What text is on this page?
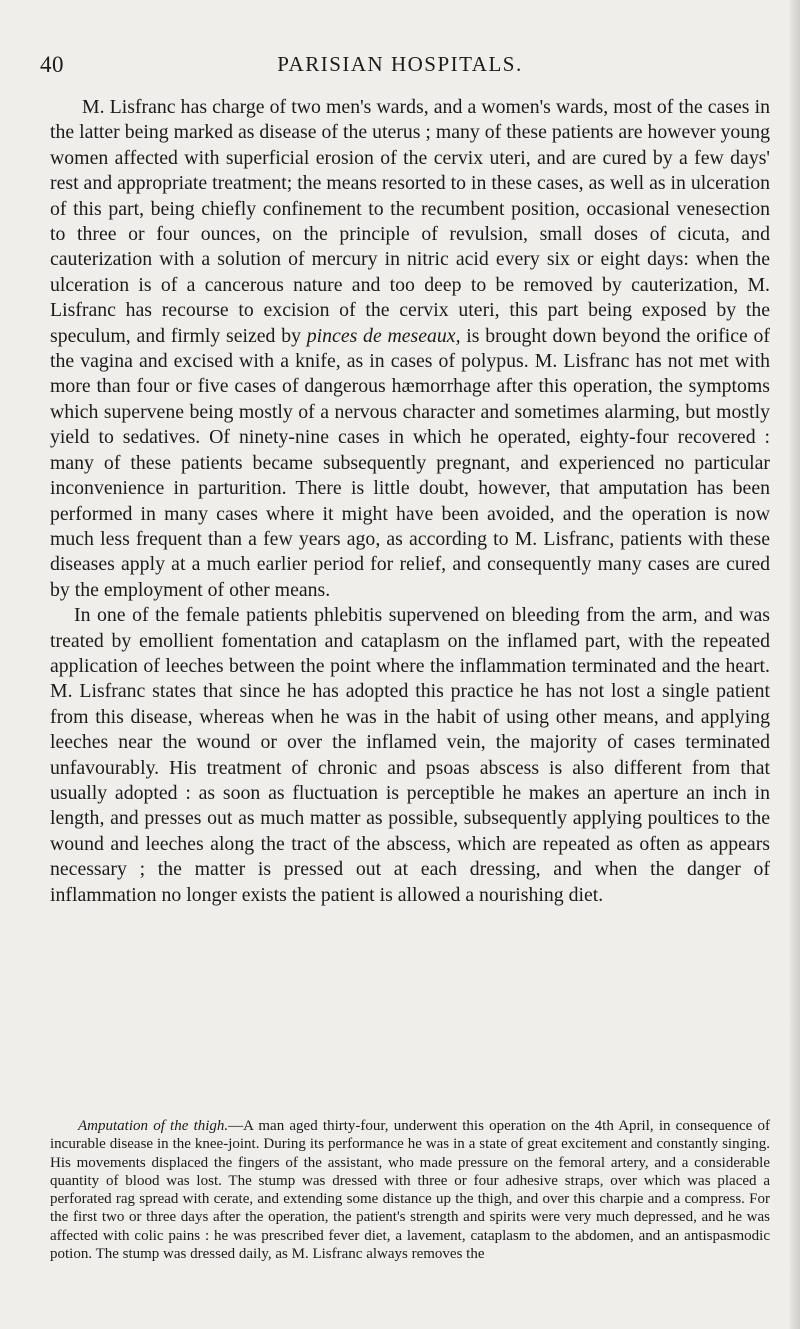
40	PARISIAN HOSPITALS.

M. Lisfranc has charge of two men's wards, and a women's wards, most of the cases in the latter being marked as disease of the uterus ; many of these patients are however young women affected with superficial erosion of the cervix uteri, and are cured by a few days' rest and appropriate treatment; the means resorted to in these cases, as well as in ulceration of this part, being chiefly confinement to the recumbent position, occasional venesection to three or four ounces, on the principle of revulsion, small doses of cicuta, and cauterization with a solution of mercury in nitric acid every six or eight days: when the ulceration is of a cancerous nature and too deep to be removed by cauterization, M. Lisfranc has recourse to excision of the cervix uteri, this part being exposed by the speculum, and firmly seized by pinces de meseaux, is brought down beyond the orifice of the vagina and excised with a knife, as in cases of polypus. M. Lisfranc has not met with more than four or five cases of dangerous hæmorrhage after this operation, the symptoms which supervene being mostly of a nervous character and sometimes alarming, but mostly yield to sedatives. Of ninety-nine cases in which he operated, eighty-four recovered : many of these patients became subsequently pregnant, and experienced no particular inconvenience in parturition. There is little doubt, however, that amputation has been performed in many cases where it might have been avoided, and the operation is now much less frequent than a few years ago, as according to M. Lisfranc, patients with these diseases apply at a much earlier period for relief, and consequently many cases are cured by the employment of other means.

In one of the female patients phlebitis supervened on bleeding from the arm, and was treated by emollient fomentation and cataplasm on the inflamed part, with the repeated application of leeches between the point where the inflammation terminated and the heart. M. Lisfranc states that since he has adopted this practice he has not lost a single patient from this disease, whereas when he was in the habit of using other means, and applying leeches near the wound or over the inflamed vein, the majority of cases terminated unfavourably. His treatment of chronic and psoas abscess is also different from that usually adopted : as soon as fluctuation is perceptible he makes an aperture an inch in length, and presses out as much matter as possible, subsequently applying poultices to the wound and leeches along the tract of the abscess, which are repeated as often as appears necessary ; the matter is pressed out at each dressing, and when the danger of inflammation no longer exists the patient is allowed a nourishing diet.

Amputation of the thigh.—A man aged thirty-four, underwent this operation on the 4th April, in consequence of incurable disease in the knee-joint. During its performance he was in a state of great excitement and constantly singing. His movements displaced the fingers of the assistant, who made pressure on the femoral artery, and a considerable quantity of blood was lost. The stump was dressed with three or four adhesive straps, over which was placed a perforated rag spread with cerate, and extending some distance up the thigh, and over this charpie and a compress. For the first two or three days after the operation, the patient's strength and spirits were very much depressed, and he was affected with colic pains : he was prescribed fever diet, a lavement, cataplasm to the abdomen, and an antispasmodic potion. The stump was dressed daily, as M. Lisfranc always removes the
